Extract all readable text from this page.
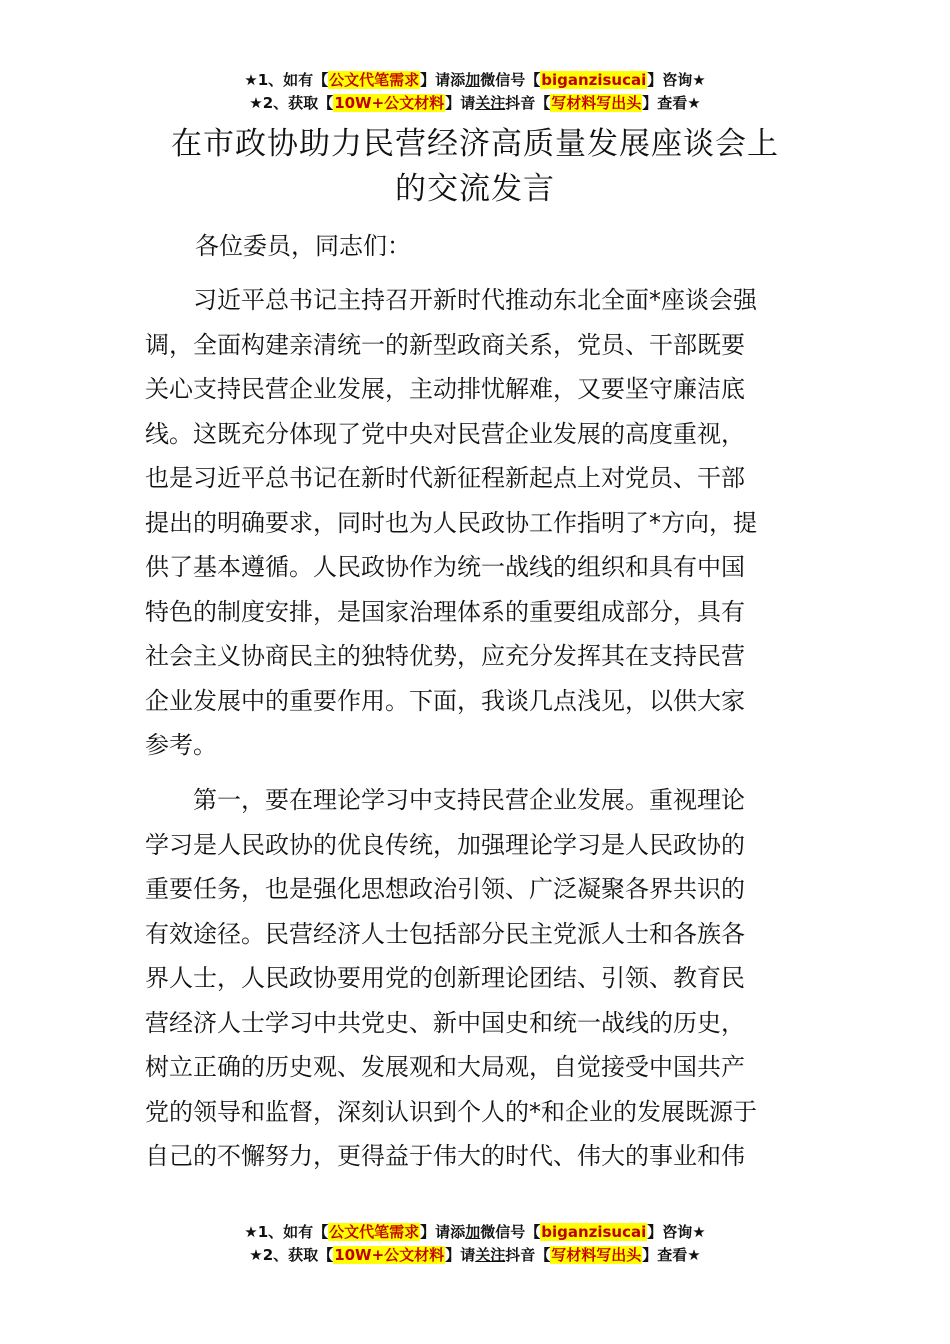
★1、如有【公文代笔需求】请添加微信号【biganzisucai】咨询★
★2、获取【10W+公文材料】请关注抖音【写材料写出头】查看★
在市政协助力民营经济高质量发展座谈会上
的交流发言
各位委员，同志们：
　　习近平总书记主持召开新时代推动东北全面*座谈会强
调，全面构建亲清统一的新型政商关系，党员、干部既要
关心支持民营企业发展，主动排忧解难，又要坚守廉洁底
线。这既充分体现了党中央对民营企业发展的高度重视，
也是习近平总书记在新时代新征程新起点上对党员、干部
提出的明确要求，同时也为人民政协工作指明了*方向，提
供了基本遵循。人民政协作为统一战线的组织和具有中国
特色的制度安排，是国家治理体系的重要组成部分，具有
社会主义协商民主的独特优势，应充分发挥其在支持民营
企业发展中的重要作用。下面，我谈几点浅见，以供大家
参考。
　　第一，要在理论学习中支持民营企业发展。重视理论
学习是人民政协的优良传统，加强理论学习是人民政协的
重要任务，也是强化思想政治引领、广泛凝聚各界共识的
有效途径。民营经济人士包括部分民主党派人士和各族各
界人士，人民政协要用党的创新理论团结、引领、教育民
营经济人士学习中共党史、新中国史和统一战线的历史，
树立正确的历史观、发展观和大局观，自觉接受中国共产
党的领导和监督，深刻认识到个人的*和企业的发展既源于
自己的不懈努力，更得益于伟大的时代、伟大的事业和伟
★1、如有【公文代笔需求】请添加微信号【biganzisucai】咨询★
★2、获取【10W+公文材料】请关注抖音【写材料写出头】查看★
